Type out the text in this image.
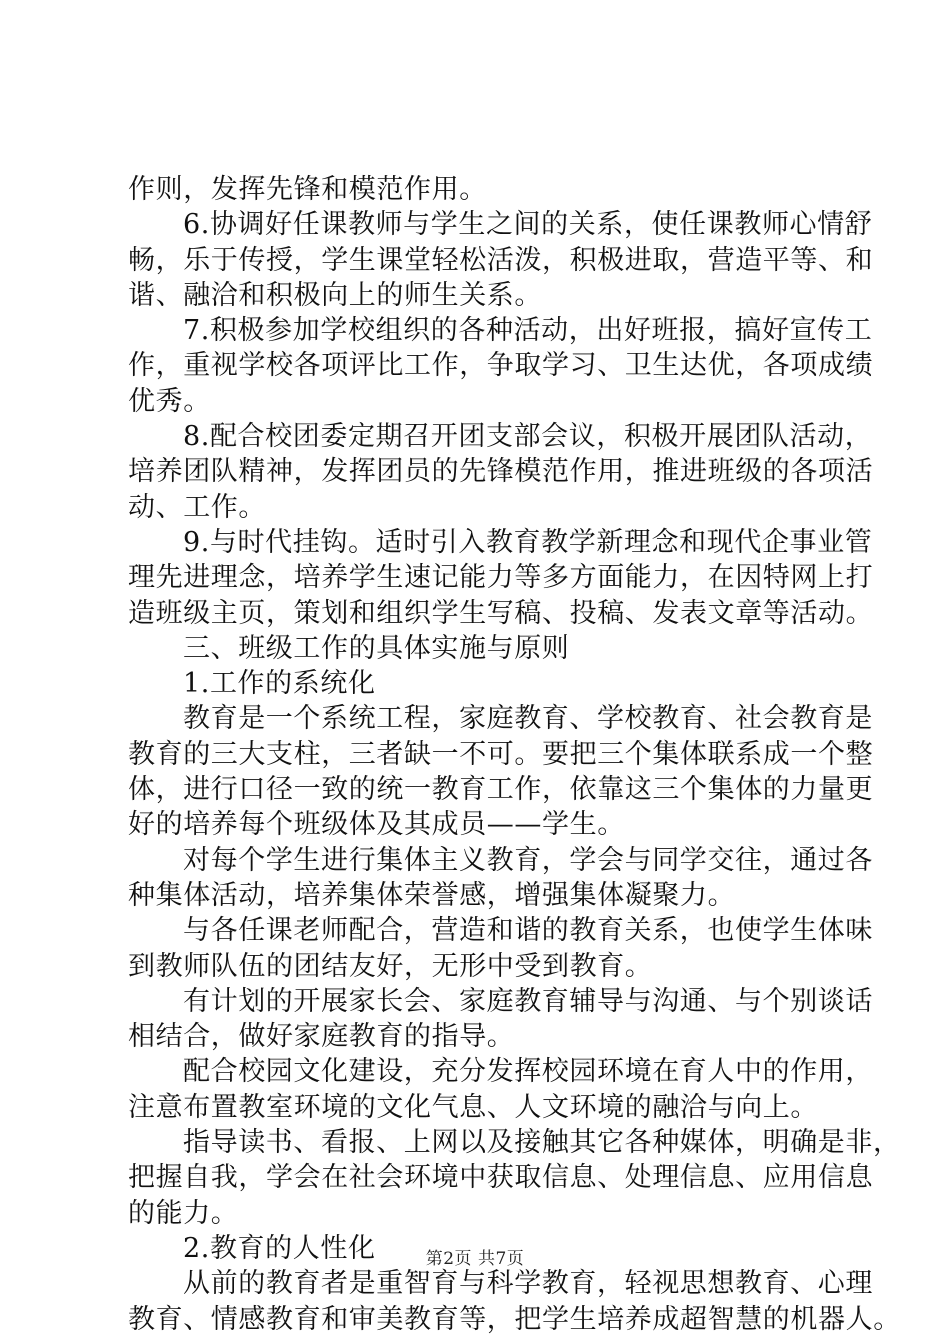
作则，发挥先锋和模范作用。
6.协调好任课教师与学生之间的关系，使任课教师心情舒
畅，乐于传授，学生课堂轻松活泼，积极进取，营造平等、和
谐、融洽和积极向上的师生关系。
7.积极参加学校组织的各种活动，出好班报，搞好宣传工
作，重视学校各项评比工作，争取学习、卫生达优，各项成绩
优秀。
8.配合校团委定期召开团支部会议，积极开展团队活动，
培养团队精神，发挥团员的先锋模范作用，推进班级的各项活
动、工作。
9.与时代挂钩。适时引入教育教学新理念和现代企事业管
理先进理念，培养学生速记能力等多方面能力，在因特网上打
造班级主页，策划和组织学生写稿、投稿、发表文章等活动。
三、班级工作的具体实施与原则
1.工作的系统化
教育是一个系统工程，家庭教育、学校教育、社会教育是
教育的三大支柱，三者缺一不可。要把三个集体联系成一个整
体，进行口径一致的统一教育工作，依靠这三个集体的力量更
好的培养每个班级体及其成员——学生。
对每个学生进行集体主义教育，学会与同学交往，通过各
种集体活动，培养集体荣誉感，增强集体凝聚力。
与各任课老师配合，营造和谐的教育关系，也使学生体味
到教师队伍的团结友好，无形中受到教育。
有计划的开展家长会、家庭教育辅导与沟通、与个别谈话
相结合，做好家庭教育的指导。
配合校园文化建设，充分发挥校园环境在育人中的作用，
注意布置教室环境的文化气息、人文环境的融洽与向上。
指导读书、看报、上网以及接触其它各种媒体，明确是非，
把握自我，学会在社会环境中获取信息、处理信息、应用信息
的能力。
2.教育的人性化
从前的教育者是重智育与科学教育，轻视思想教育、心理
教育、情感教育和审美教育等，把学生培养成超智慧的机器人。
第2页 共7页
